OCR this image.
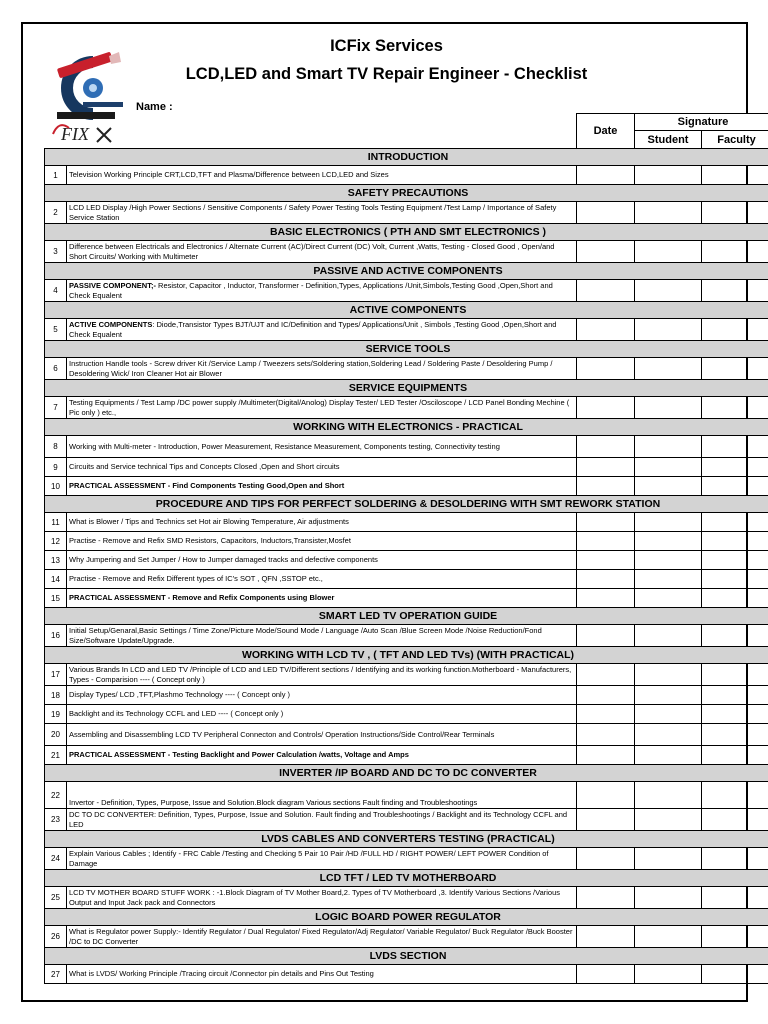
FIX
ICFix Services
LCD,LED and Smart TV Repair Engineer - Checklist
Name :
		Date	Signature	
			Student	Faculty
INTRODUCTION				
1	Television Working Principle CRT,LCD,TFT and Plasma/Difference between LCD,LED and Sizes			
SAFETY PRECAUTIONS				
2	LCD LED Display /High Power Sections / Sensitive Components / Safety Power Testing Tools Testing Equipment /Test Lamp / Importance of Safety Service Station			
BASIC ELECTRONICS ( PTH AND SMT ELECTRONICS )				
3	Difference between Electricals and Electronics / Alternate Current (AC)/Direct Current (DC) Volt, Current ,Watts, Testing - Closed Good , Open/and Short Circuits/ Working with Multimeter			
PASSIVE AND ACTIVE COMPONENTS				
4	PASSIVE COMPONENT;- Resistor, Capacitor , Inductor, Transformer - Definition,Types, Applications /Unit,Simbols,Testing Good ,Open,Short and Check Equalent			
ACTIVE COMPONENTS				
5	ACTIVE COMPONENTS: Diode,Transistor Types BJT/UJT and IC/Definition and Types/ Applications/Unit , Simbols ,Testing Good ,Open,Short and Check Equalent			
SERVICE TOOLS				
6	Instruction Handle tools - Screw driver Kit /Service Lamp / Tweezers sets/Soldering station,Soldering Lead / Soldering Paste / Desoldering Pump / Desoldering Wick/ Iron Cleaner Hot air Blower			
SERVICE EQUIPMENTS				
7	Testing Equipments / Test Lamp /DC power supply /Multimeter(Digital/Anolog) Display Tester/ LED Tester /Osciloscope / LCD Panel Bonding Mechine ( Pic only ) etc.,			
WORKING WITH ELECTRONICS - PRACTICAL				
8	Working with Multi-meter - Introduction, Power Measurement, Resistance Measurement, Components testing, Connectivity testing			
9	Circuits and Service technical Tips and Concepts Closed ,Open and Short circuits			
10	PRACTICAL ASSESSMENT - Find Components Testing Good,Open and Short			
PROCEDURE AND TIPS FOR PERFECT SOLDERING & DESOLDERING WITH SMT REWORK STATION				
11	What is Blower / Tips and Technics set Hot air Blowing Temperature, Air adjustments			
12	Practise - Remove and Refix SMD Resistors, Capacitors, Inductors,Transister,Mosfet			
13	Why Jumpering and Set Jumper / How to Jumper damaged tracks and defective components			
14	Practise - Remove and Refix Different types of IC's SOT , QFN ,SSTOP etc.,			
15	PRACTICAL ASSESSMENT - Remove and Refix Components using Blower			
SMART LED TV OPERATION GUIDE				
16	Initial Setup/Genaral,Basic Settings / Time Zone/Picture Mode/Sound Mode / Language /Auto Scan /Blue Screen Mode /Noise Reduction/Fond Size/Software Update/Upgrade.			
WORKING WITH LCD TV , ( TFT AND LED TVs) (WITH PRACTICAL)				
17	Various Brands In LCD and LED TV /Principle of LCD and LED TV/Different sections / Identifying and its working function.Motherboard - Manufacturers, Types - Comparision ---- ( Concept only )			
18	Display Types/ LCD ,TFT,Plashmo Technology ---- ( Concept only )			
19	Backlight and its Technology CCFL and LED ---- ( Concept only )			
20	Assembling and Disassembling LCD TV Peripheral Connecton and Controls/ Operation Instructions/Side Control/Rear Terminals			
21	PRACTICAL ASSESSMENT - Testing Backlight and Power Calculation /watts, Voltage and Amps			
INVERTER /IP BOARD AND DC TO DC CONVERTER				
22	Invertor - Definition, Types, Purpose, Issue and Solution.Block diagram Various sections Fault finding and Troubleshootings			
23	DC TO DC CONVERTER: Definition, Types, Purpose, Issue and Solution. Fault finding and Troubleshootings / Backlight and its Technology CCFL and LED			
LVDS CABLES AND CONVERTERS TESTING (PRACTICAL)				
24	Explain Various Cables ; Identify - FRC Cable /Testing and Checking 5 Pair 10 Pair /HD /FULL HD / RIGHT POWER/ LEFT POWER Condition of Damage			
LCD TFT / LED TV MOTHERBOARD				
25	LCD TV MOTHER BOARD STUFF WORK : -1.Block Diagram of TV Mother Board,2. Types of TV Motherboard ,3. Identify Various Sections /Various Output and Input Jack pack and Connectors			
LOGIC BOARD POWER REGULATOR				
26	What is Regulator power Supply:- Identify Regulator / Dual Regulator/ Fixed Regulator/Adj Regulator/ Variable Regulator/ Buck Regulator /Buck Booster /DC to DC Converter			
LVDS SECTION				
27	What is LVDS/ Working Principle /Tracing circuit /Connector pin details and Pins Out Testing			
